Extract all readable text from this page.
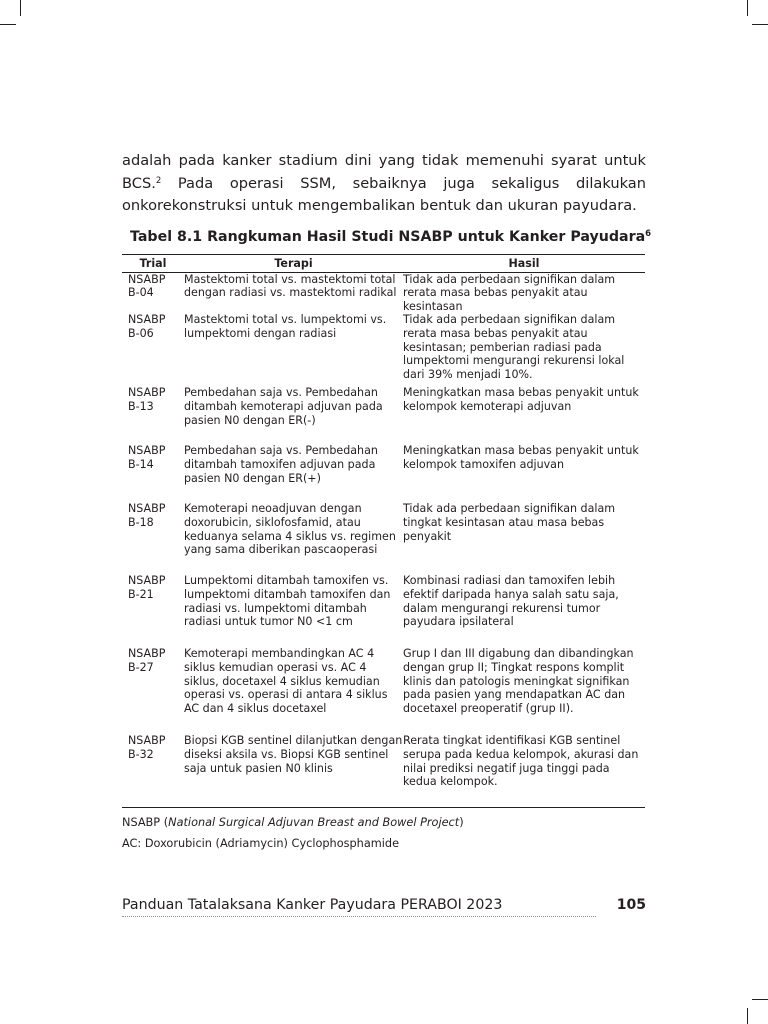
adalah pada kanker stadium dini yang tidak memenuhi syarat untuk BCS.$^2$ Pada operasi SSM, sebaiknya juga sekaligus dilakukan onkorekonstruksi untuk mengembalikan bentuk dan ukuran payudara.

Tabel 8.1 Rangkuman Hasil Studi NSABP untuk Kanker Payudara$^6$

Trial	Terapi	Hasil
NSABP
B-04	Mastektomi total vs. mastektomi total dengan radiasi vs. mastektomi radikal	Tidak ada perbedaan signifikan dalam rerata masa bebas penyakit atau kesintasan
NSABP
B-06	Mastektomi total vs. lumpektomi vs. lumpektomi dengan radiasi	Tidak ada perbedaan signifikan dalam rerata masa bebas penyakit atau kesintasan; pemberian radiasi pada lumpektomi mengurangi rekurensi lokal dari 39% menjadi 10%.
NSABP
B-13	Pembedahan saja vs. Pembedahan ditambah kemoterapi adjuvan pada pasien N0 dengan ER(-)	Meningkatkan masa bebas penyakit untuk kelompok kemoterapi adjuvan
NSABP
B-14	Pembedahan saja vs. Pembedahan ditambah tamoxifen adjuvan pada pasien N0 dengan ER(+)	Meningkatkan masa bebas penyakit untuk kelompok tamoxifen adjuvan
NSABP
B-18	Kemoterapi neoadjuvan dengan doxorubicin, siklofosfamid, atau keduanya selama 4 siklus vs. regimen yang sama diberikan pascaoperasi	Tidak ada perbedaan signifikan dalam tingkat kesintasan atau masa bebas penyakit
NSABP
B-21	Lumpektomi ditambah tamoxifen vs. lumpektomi ditambah tamoxifen dan radiasi vs. lumpektomi ditambah radiasi untuk tumor N0 <1 cm	Kombinasi radiasi dan tamoxifen lebih efektif daripada hanya salah satu saja, dalam mengurangi rekurensi tumor payudara ipsilateral
NSABP
B-27	Kemoterapi membandingkan AC 4 siklus kemudian operasi vs. AC 4 siklus, docetaxel 4 siklus kemudian operasi vs. operasi di antara 4 siklus AC dan 4 siklus docetaxel	Grup I dan III digabung dan dibandingkan dengan grup II; Tingkat respons komplit klinis dan patologis meningkat signifikan pada pasien yang mendapatkan AC dan docetaxel preoperatif (grup II).
NSABP
B-32	Biopsi KGB sentinel dilanjutkan dengan diseksi aksila vs. Biopsi KGB sentinel saja untuk pasien N0 klinis	Rerata tingkat identifikasi KGB sentinel serupa pada kedua kelompok, akurasi dan nilai prediksi negatif juga tinggi pada kedua kelompok.

NSABP (National Surgical Adjuvan Breast and Bowel Project)

AC: Doxorubicin (Adriamycin) Cyclophosphamide

Panduan Tatalaksana Kanker Payudara PERABOI 2023	105
